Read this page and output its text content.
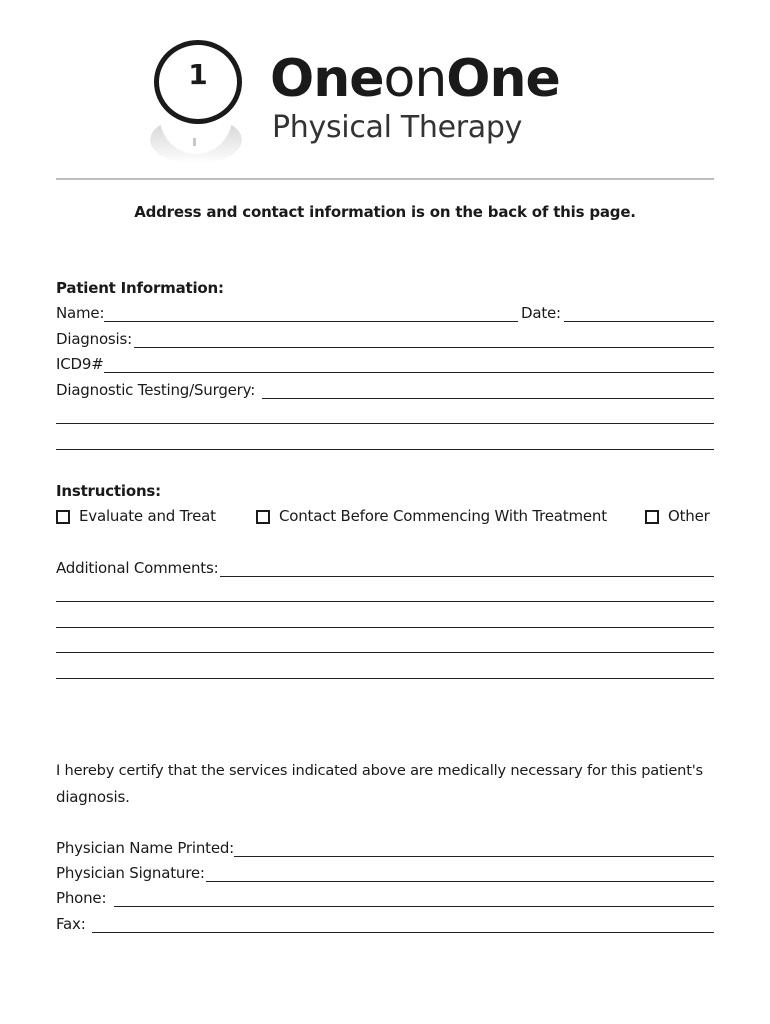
1	OneonOne
Physical Therapy
Address and contact information is on the back of this page.
Patient Information:
Name:	Date:
Diagnosis:
ICD9#
Diagnostic Testing/Surgery:
Instructions:
Evaluate and Treat	Contact Before Commencing With Treatment	Other
Additional Comments:
I hereby certify that the services indicated above are medically necessary for this patient's
diagnosis.
Physician Name Printed:
Physician Signature:
Phone:
Fax:
